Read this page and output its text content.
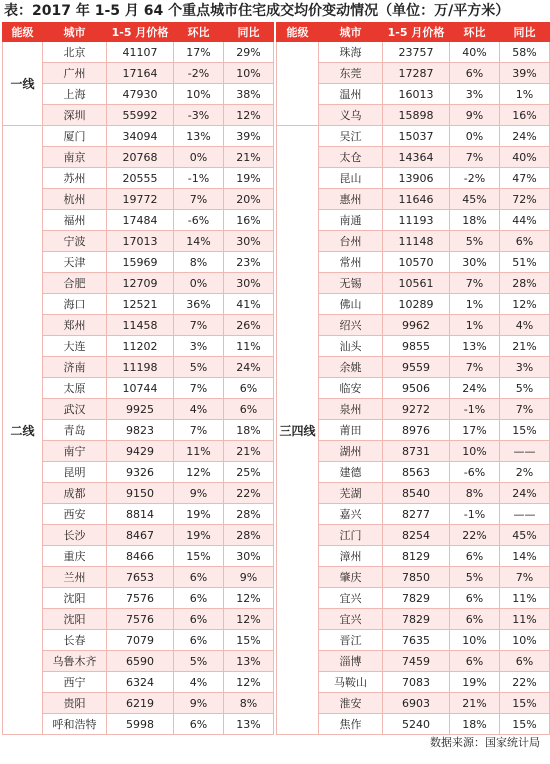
表：2017 年 1-5 月 64 个重点城市住宅成交均价变动情况（单位：万/平方米）
能级	城市	1-5 月价格	环比	同比
一线	北京	41107	17%	29%
	广州	17164	-2%	10%
	上海	47930	10%	38%
	深圳	55992	-3%	12%
二线	厦门	34094	13%	39%
	南京	20768	0%	21%
	苏州	20555	-1%	19%
	杭州	19772	7%	20%
	福州	17484	-6%	16%
	宁波	17013	14%	30%
	天津	15969	8%	23%
	合肥	12709	0%	30%
	海口	12521	36%	41%
	郑州	11458	7%	26%
	大连	11202	3%	11%
	济南	11198	5%	24%
	太原	10744	7%	6%
	武汉	9925	4%	6%
	青岛	9823	7%	18%
	南宁	9429	11%	21%
	昆明	9326	12%	25%
	成都	9150	9%	22%
	西安	8814	19%	28%
	长沙	8467	19%	28%
	重庆	8466	15%	30%
	兰州	7653	6%	9%
	沈阳	7576	6%	12%
	沈阳	7576	6%	12%
	长春	7079	6%	15%
	乌鲁木齐	6590	5%	13%
	西宁	6324	4%	12%
	贵阳	6219	9%	8%
	呼和浩特	5998	6%	13%
能级	城市	1-5 月价格	环比	同比
	珠海	23757	40%	58%
	东莞	17287	6%	39%
	温州	16013	3%	1%
	义乌	15898	9%	16%
三四线	吴江	15037	0%	24%
	太仓	14364	7%	40%
	昆山	13906	-2%	47%
	惠州	11646	45%	72%
	南通	11193	18%	44%
	台州	11148	5%	6%
	常州	10570	30%	51%
	无锡	10561	7%	28%
	佛山	10289	1%	12%
	绍兴	9962	1%	4%
	汕头	9855	13%	21%
	余姚	9559	7%	3%
	临安	9506	24%	5%
	泉州	9272	-1%	7%
	莆田	8976	17%	15%
	湖州	8731	10%	——
	建德	8563	-6%	2%
	芜湖	8540	8%	24%
	嘉兴	8277	-1%	——
	江门	8254	22%	45%
	漳州	8129	6%	14%
	肇庆	7850	5%	7%
	宜兴	7829	6%	11%
	宜兴	7829	6%	11%
	晋江	7635	10%	10%
	淄博	7459	6%	6%
	马鞍山	7083	19%	22%
	淮安	6903	21%	15%
	焦作	5240	18%	15%
数据来源：国家统计局
